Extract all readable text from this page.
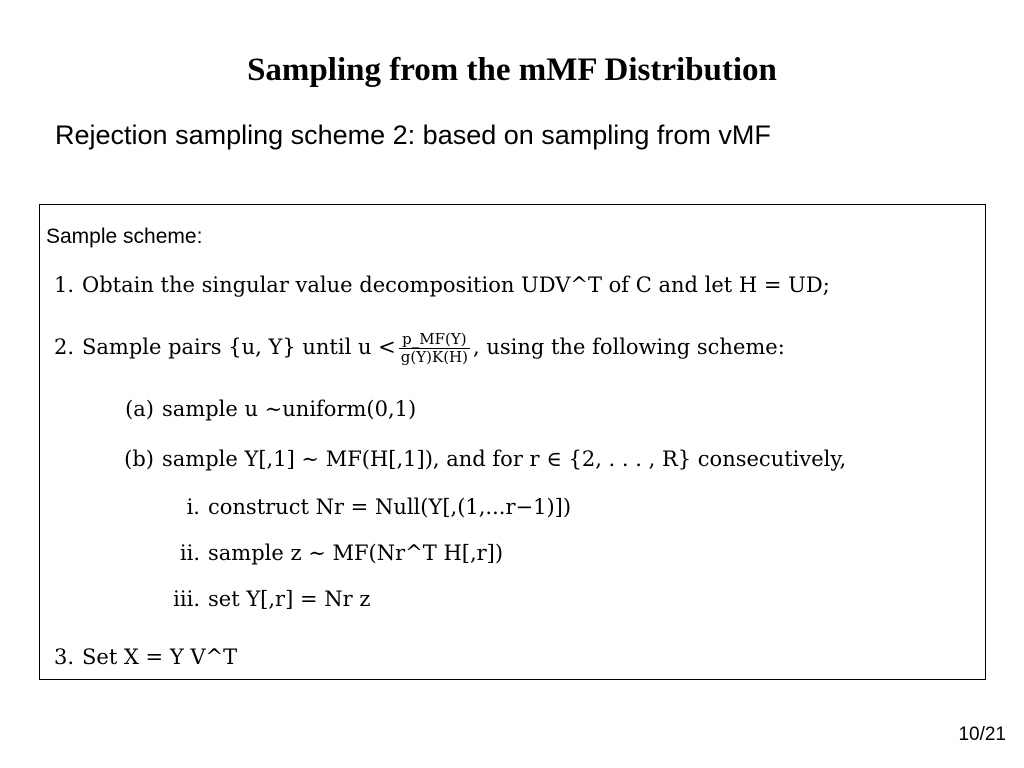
Sampling from the mMF Distribution
Rejection sampling scheme 2: based on sampling from vMF
Sample scheme:
1. Obtain the singular value decomposition UDV^T of C and let H = UD;
2. Sample pairs {u, Y} until $u < \frac{p\_MF(Y)}{g(Y)K(H)}$ , using the following scheme:
(a) sample u ∼uniform(0,1)
(b) sample Y[,1] ∼ MF(H[,1]), and for r ∈ {2, . . . , R} consecutively,
i. construct Nr = Null(Y[,(1,...r−1)])
ii. sample z ∼ MF(Nr^T H[,r])
iii. set Y[,r] = Nr z
3. Set X = Y V^T
10/21
